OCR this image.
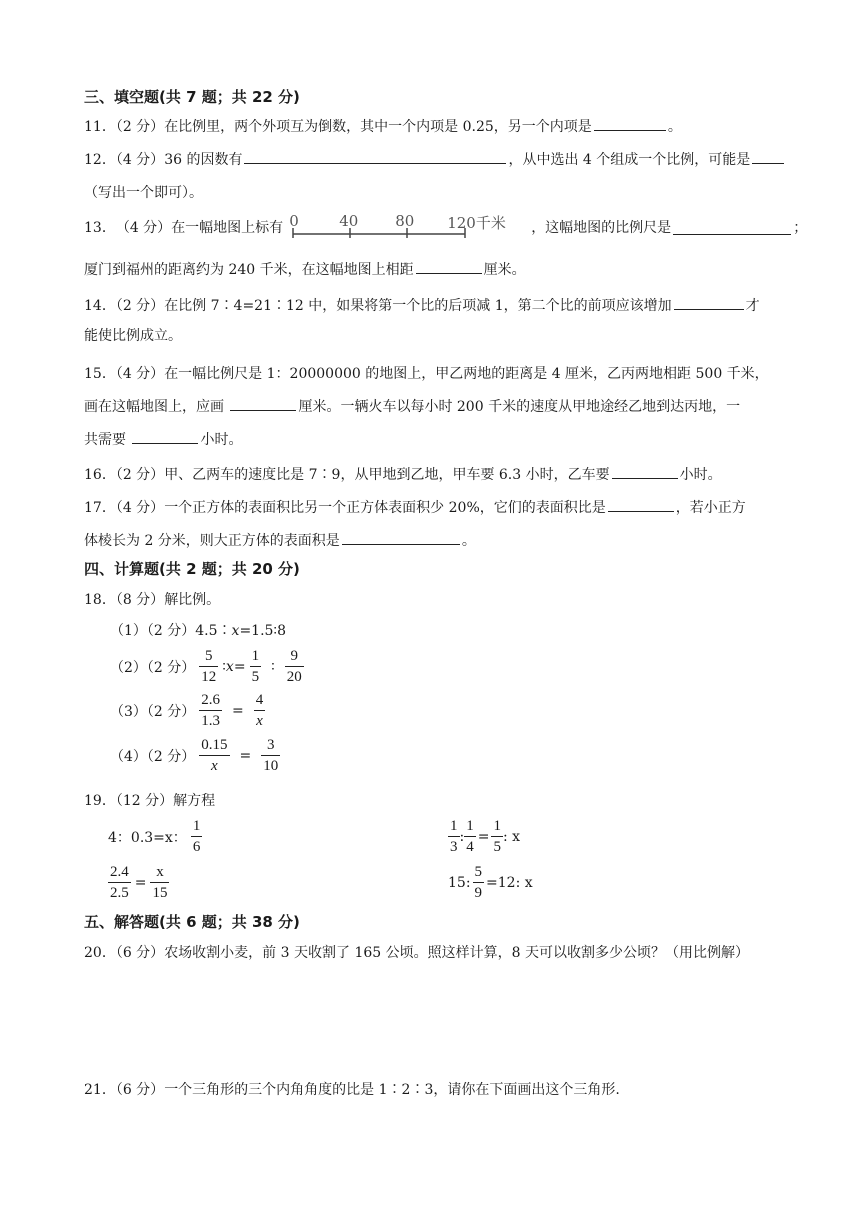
三、填空题(共 7 题；共 22 分)
11．（2 分）在比例里，两个外项互为倒数，其中一个内项是 0.25，另一个内项是	。
12．（4 分）36 的因数有	，从中选出 4 个组成一个比例，可能是
（写出一个即可）。
13． （4 分） 在一幅地图上标有 0	40 80 120千米 ，这幅地图的比例尺是	；
厦门到福州的距离约为 240 千米，在这幅地图上相距	厘米。
14．（2 分）在比例 7∶4=21∶12 中，如果将第一个比的后项减 1，第二个比的前项应该增加	才
能使比例成立。
15．（4 分）在一幅比例尺是 1：20000000 的地图上，甲乙两地的距离是 4 厘米，乙丙两地相距 500 千米，
画在这幅地图上，应画	厘米。一辆火车以每小时 200 千米的速度从甲地途经乙地到达丙地，一
共需要	小时。
16．（2 分）甲、乙两车的速度比是 7∶9，从甲地到乙地，甲车要 6.3 小时，乙车要	小时。
17．（4 分）一个正方体的表面积比另一个正方体表面积少 20%，它们的表面积比是	，若小正方
体棱长为 2 分米，则大正方体的表面积是	。
四、计算题(共 2 题；共 20 分)
18．（8 分）解比例。
（1）（2 分）4.5∶x=1.5∶8
（2）（2 分） $\frac{5}{12}$ ∶ $x = \frac{1}{5}$ ∶ $\frac{9}{20}$
（3）（2 分） $\frac{2.6}{1.3} = \frac{4}{x}$
（4）（2 分） $\frac{0.15}{x} = \frac{3}{10}$
19．（12 分）解方程
4：0.3=x： $\frac{1}{6}$	$\frac{1}{3}$ : $\frac{1}{4} = \frac{1}{5}$ : x
$\frac{2.4}{2.5} = \frac{x}{15}$	15: $\frac{5}{9} =12$: x
五、解答题(共 6 题；共 38 分)
20．（6 分）农场收割小麦，前 3 天收割了 165 公顷。照这样计算，8 天可以收割多少公顷？（用比例解）
21．（6 分）一个三角形的三个内角角度的比是 1∶2∶3，请你在下面画出这个三角形.
